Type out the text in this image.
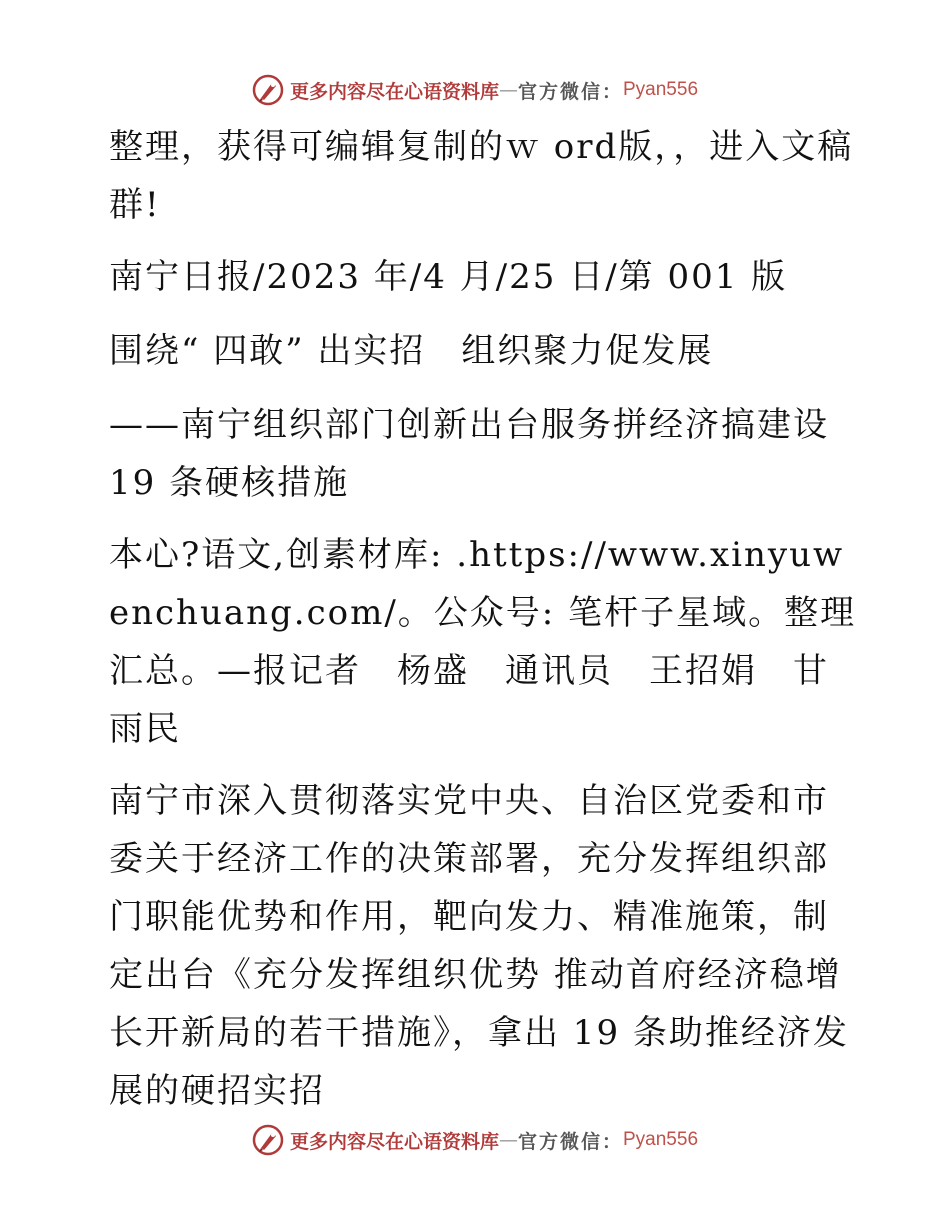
更多内容尽在心语资料库 — 官方微信： Pyan556

整理，获得可编辑复制的ｗ ord版，，进入文稿群!

南宁日报/2023 年/4 月/25 日/第 001 版

围绕“ 四敢” 出实招　组织聚力促发展

——南宁组织部门创新出台服务拼经济搞建设 19 条硬核措施

本心?语文,创素材库: .https://www.xinyuwenchuang.com/。公众号: 笔杆子星域。整理汇总。—报记者　杨盛　通讯员　王招娟　甘雨民

南宁市深入贯彻落实党中央、自治区党委和市委关于经济工作的决策部署，充分发挥组织部门职能优势和作用，靶向发力、精准施策，制定出台《充分发挥组织优势 推动首府经济稳增长开新局的若干措施》，拿出 19 条助推经济发展的硬招实招

更多内容尽在心语资料库 — 官方微信： Pyan556
